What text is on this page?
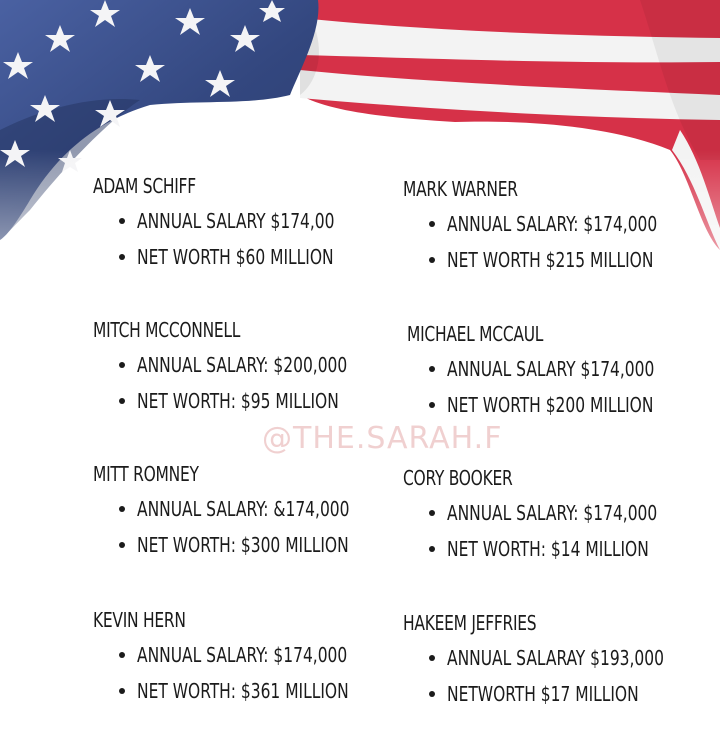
@THE.SARAH.F
ADAM SCHIFF
ANNUAL SALARY $174,00
NET WORTH $60 MILLION
MITCH MCCONNELL
ANNUAL SALARY: $200,000
NET WORTH: $95 MILLION
MITT ROMNEY
ANNUAL SALARY: &174,000
NET WORTH: $300 MILLION
KEVIN HERN
ANNUAL SALARY: $174,000
NET WORTH: $361 MILLION
MARK WARNER
ANNUAL SALARY: $174,000
NET WORTH $215 MILLION
MICHAEL MCCAUL
ANNUAL SALARY $174,000
NET WORTH $200 MILLION
CORY BOOKER
ANNUAL SALARY: $174,000
NET WORTH: $14 MILLION
HAKEEM JEFFRIES
ANNUAL SALARAY $193,000
NETWORTH $17 MILLION
